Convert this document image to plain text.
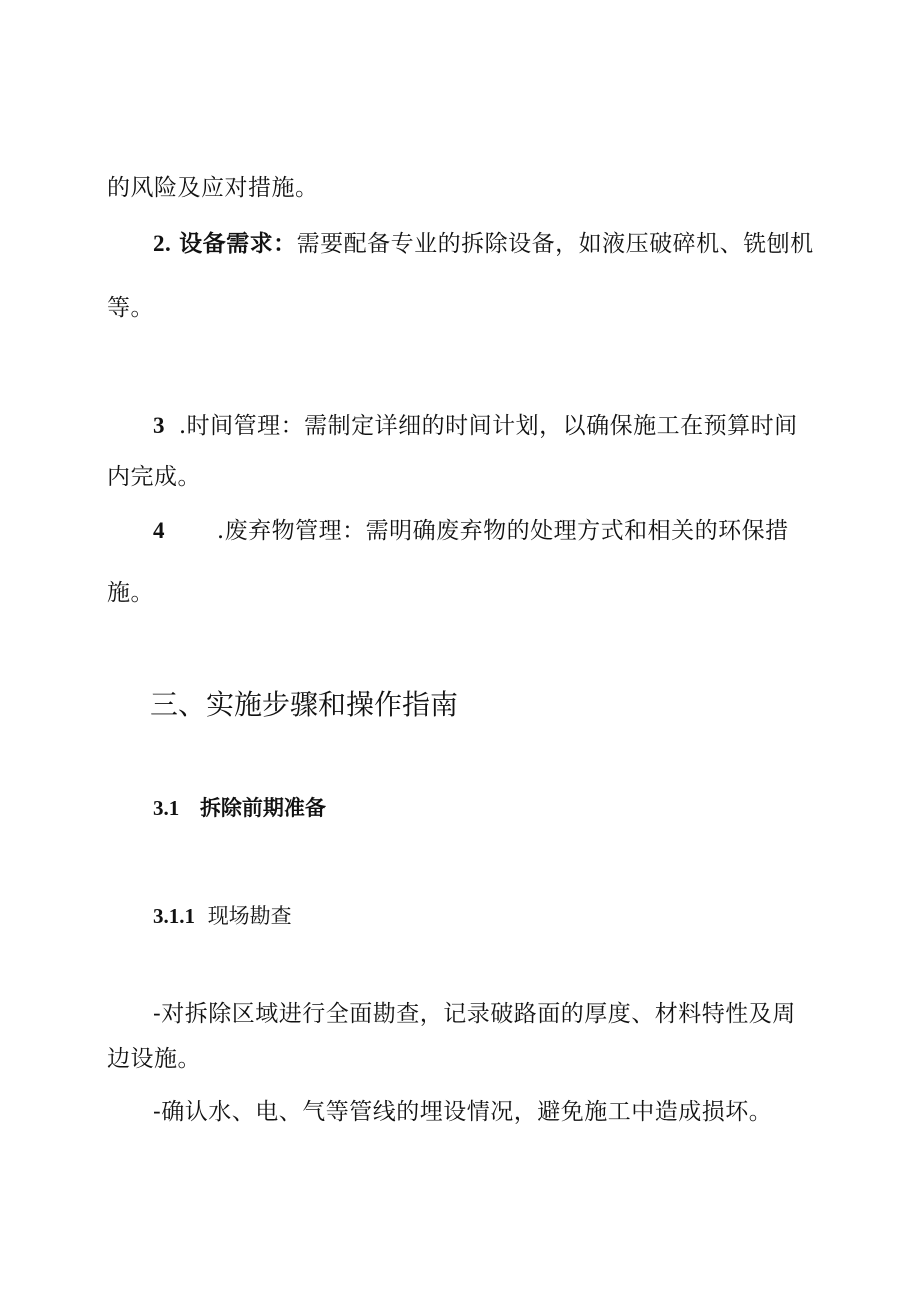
的风险及应对措施。
2. 设备需求：需要配备专业的拆除设备，如液压破碎机、铣刨机
等。
3 .时间管理：需制定详细的时间计划，以确保施工在预算时间
内完成。
4 .废弃物管理：需明确废弃物的处理方式和相关的环保措
施。
三、实施步骤和操作指南
3.1 拆除前期准备
3.1.1 现场勘查
-对拆除区域进行全面勘查，记录破路面的厚度、材料特性及周
边设施。
-确认水、电、气等管线的埋设情况，避免施工中造成损坏。
